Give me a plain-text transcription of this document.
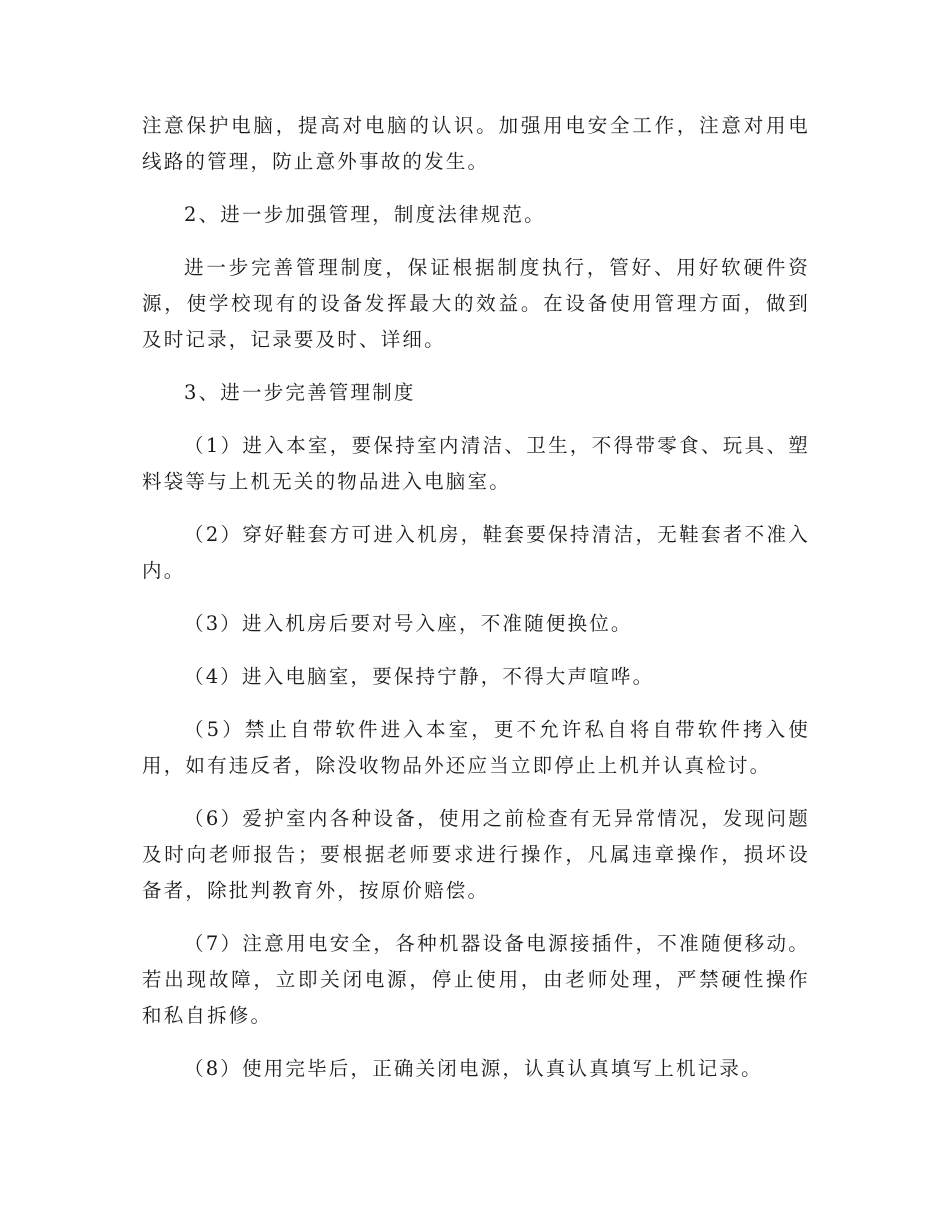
注意保护电脑，提高对电脑的认识。加强用电安全工作，注意对用电线路的管理，防止意外事故的发生。

2、进一步加强管理，制度法律规范。

进一步完善管理制度，保证根据制度执行，管好、用好软硬件资源，使学校现有的设备发挥最大的效益。在设备使用管理方面，做到及时记录，记录要及时、详细。

3、进一步完善管理制度

（1）进入本室，要保持室内清洁、卫生，不得带零食、玩具、塑料袋等与上机无关的物品进入电脑室。

（2）穿好鞋套方可进入机房，鞋套要保持清洁，无鞋套者不准入内。

（3）进入机房后要对号入座，不准随便换位。

（4）进入电脑室，要保持宁静，不得大声喧哗。

（5）禁止自带软件进入本室，更不允许私自将自带软件拷入使用，如有违反者，除没收物品外还应当立即停止上机并认真检讨。

（6）爱护室内各种设备，使用之前检查有无异常情况，发现问题及时向老师报告；要根据老师要求进行操作，凡属违章操作，损坏设备者，除批判教育外，按原价赔偿。

（7）注意用电安全，各种机器设备电源接插件，不准随便移动。若出现故障，立即关闭电源，停止使用，由老师处理，严禁硬性操作和私自拆修。

（8）使用完毕后，正确关闭电源，认真认真填写上机记录。
